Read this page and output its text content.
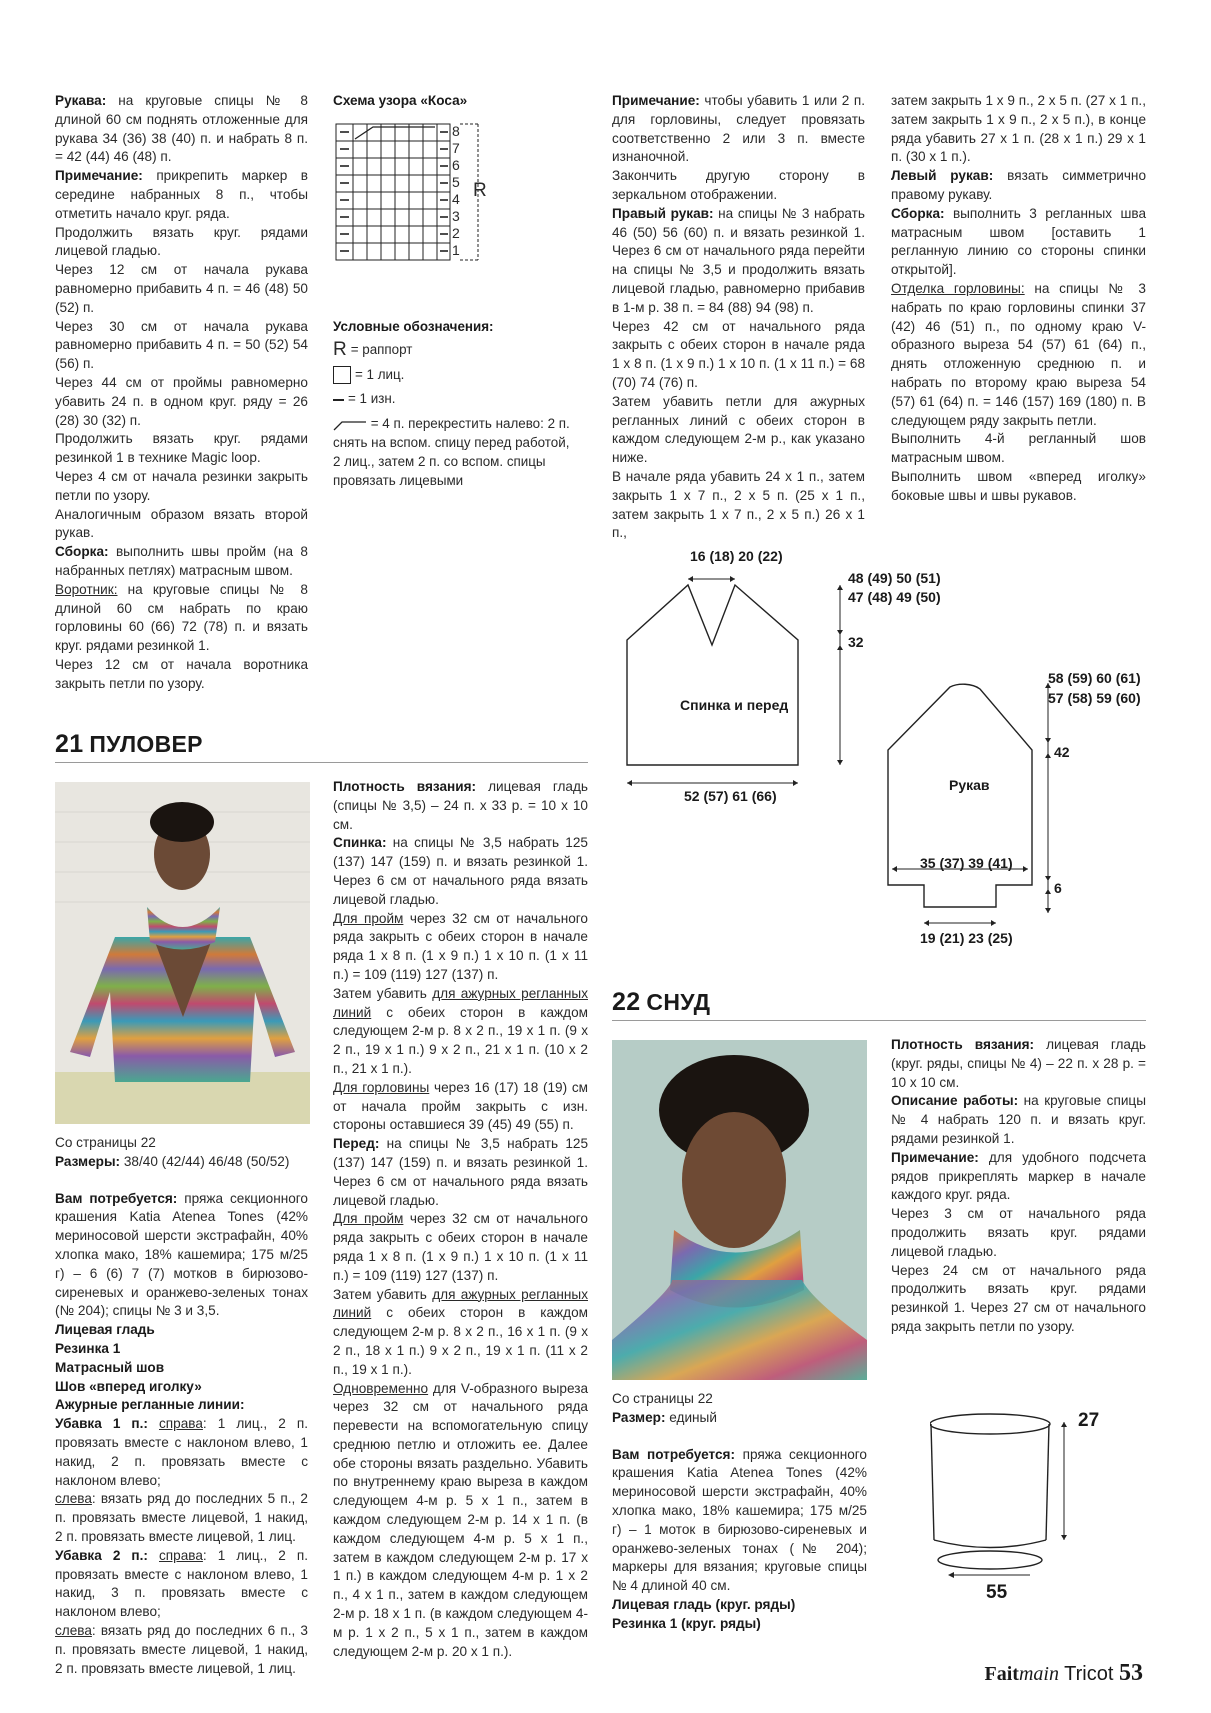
Рукава: на круговые спицы № 8 длиной 60 см поднять отложенные для рукава 34 (36) 38 (40) п. и набрать 8 п. = 42 (44) 46 (48) п.

Примечание: прикрепить маркер в середине набранных 8 п., чтобы отметить начало круг. ряда.

Продолжить вязать круг. рядами лицевой гладью.

Через 12 см от начала рукава равномерно прибавить 4 п. = 46 (48) 50 (52) п.

Через 30 см от начала рукава равномерно прибавить 4 п. = 50 (52) 54 (56) п.

Через 44 см от проймы равномерно убавить 24 п. в одном круг. ряду = 26 (28) 30 (32) п.

Продолжить вязать круг. рядами резинкой 1 в технике Magic loop.

Через 4 см от начала резинки закрыть петли по узору.

Аналогичным образом вязать второй рукав.

Сборка: выполнить швы пройм (на 8 набранных петлях) матрасным швом.

Воротник: на круговые спицы № 8 длиной 60 см набрать по краю горловины 60 (66) 72 (78) п. и вязать круг. рядами резинкой 1.

Через 12 см от начала воротника закрыть петли по узору.

Схема узора «Коса»

8
7
6
5
4
3
2
1
R

Условные обозначения:

R = раппорт
= 1 лиц.
= 1 изн.

= 4 п. перекрестить налево: 2 п. снять на вспом. спицу перед работой, 2 лиц., затем 2 п. со вспом. спицы провязать лицевыми

Примечание: чтобы убавить 1 или 2 п. для горловины, следует провязать соответственно 2 или 3 п. вместе изнаночной.

Закончить другую сторону в зеркальном отображении.

Правый рукав: на спицы № 3 набрать 46 (50) 56 (60) п. и вязать резинкой 1. Через 6 см от начального ряда перейти на спицы № 3,5 и продолжить вязать лицевой гладью, равномерно прибавив в 1-м р. 38 п. = 84 (88) 94 (98) п.

Через 42 см от начального ряда закрыть с обеих сторон в начале ряда 1 х 8 п. (1 х 9 п.) 1 х 10 п. (1 х 11 п.) = 68 (70) 74 (76) п.

Затем убавить петли для ажурных регланных линий с обеих сторон в каждом следующем 2-м р., как указано ниже.

В начале ряда убавить 24 х 1 п., затем закрыть 1 х 7 п., 2 х 5 п. (25 х 1 п., затем закрыть 1 х 7 п., 2 х 5 п.) 26 х 1 п.,

затем закрыть 1 х 9 п., 2 х 5 п. (27 х 1 п., затем закрыть 1 х 9 п., 2 х 5 п.), в конце ряда убавить 27 х 1 п. (28 х 1 п.) 29 х 1 п. (30 х 1 п.).

Левый рукав: вязать симметрично правому рукаву.

Сборка: выполнить 3 регланных шва матрасным швом [оставить 1 регланную линию со стороны спинки открытой].

Отделка горловины: на спицы № 3 набрать по краю горловины спинки 37 (42) 46 (51) п., по одному краю V-образного выреза 54 (57) 61 (64) п., днять отложенную среднюю п. и набрать по второму краю выреза 54 (57) 61 (64) п. = 146 (157) 169 (180) п. В следующем ряду закрыть петли.

Выполнить 4-й регланный шов матрасным швом.

Выполнить швом «вперед иголку» боковые швы и швы рукавов.

16 (18) 20 (22)
48 (49) 50 (51)
47 (48) 49 (50)
32
Спинка и перед
52 (57) 61 (66)
58 (59) 60 (61)
57 (58) 59 (60)
42
Рукав
35 (37) 39 (41)
6
19 (21) 23 (25)
21 ПУЛОВЕР

Со страницы 22

Размеры: 38/40 (42/44) 46/48 (50/52)

Вам потребуется: пряжа секционного крашения Katia Atenea Tones (42% мериносовой шерсти экстрафайн, 40% хлопка мако, 18% кашемира; 175 м/25 г) – 6 (6) 7 (7) мотков в бирюзово-сиреневых и оранжево-зеленых тонах (№ 204); спицы № 3 и 3,5.

Лицевая гладь

Резинка 1

Матрасный шов

Шов «вперед иголку»

Ажурные регланные линии:

Убавка 1 п.: справа: 1 лиц., 2 п. провязать вместе с наклоном влево, 1 накид, 2 п. провязать вместе с наклоном влево;

слева: вязать ряд до последних 5 п., 2 п. провязать вместе лицевой, 1 накид, 2 п. провязать вместе лицевой, 1 лиц.

Убавка 2 п.: справа: 1 лиц., 2 п. провязать вместе с наклоном влево, 1 накид, 3 п. провязать вместе с наклоном влево;

слева: вязать ряд до последних 6 п., 3 п. провязать вместе лицевой, 1 накид, 2 п. провязать вместе лицевой, 1 лиц.

Плотность вязания: лицевая гладь (спицы № 3,5) – 24 п. х 33 р. = 10 х 10 см.

Спинка: на спицы № 3,5 набрать 125 (137) 147 (159) п. и вязать резинкой 1. Через 6 см от начального ряда вязать лицевой гладью.

Для пройм через 32 см от начального ряда закрыть с обеих сторон в начале ряда 1 х 8 п. (1 х 9 п.) 1 х 10 п. (1 х 11 п.) = 109 (119) 127 (137) п.

Затем убавить для ажурных регланных линий с обеих сторон в каждом следующем 2-м р. 8 х 2 п., 19 х 1 п. (9 х 2 п., 19 х 1 п.) 9 х 2 п., 21 х 1 п. (10 х 2 п., 21 х 1 п.).

Для горловины через 16 (17) 18 (19) см от начала пройм закрыть с изн. стороны оставшиеся 39 (45) 49 (55) п.

Перед: на спицы № 3,5 набрать 125 (137) 147 (159) п. и вязать резинкой 1. Через 6 см от начального ряда вязать лицевой гладью.

Для пройм через 32 см от начального ряда закрыть с обеих сторон в начале ряда 1 х 8 п. (1 х 9 п.) 1 х 10 п. (1 х 11 п.) = 109 (119) 127 (137) п.

Затем убавить для ажурных регланных линий с обеих сторон в каждом следующем 2-м р. 8 х 2 п., 16 х 1 п. (9 х 2 п., 18 х 1 п.) 9 х 2 п., 19 х 1 п. (11 х 2 п., 19 х 1 п.).

Одновременно для V-образного выреза через 32 см от начального ряда перевести на вспомогательную спицу среднюю петлю и отложить ее. Далее обе стороны вязать раздельно. Убавить по внутреннему краю выреза в каждом следующем 4-м р. 5 х 1 п., затем в каждом следующем 2-м р. 14 х 1 п. (в каждом следующем 4-м р. 5 х 1 п., затем в каждом следующем 2-м р. 17 х 1 п.) в каждом следующем 4-м р. 1 х 2 п., 4 х 1 п., затем в каждом следующем 2-м р. 18 х 1 п. (в каждом следующем 4-м р. 1 х 2 п., 5 х 1 п., затем в каждом следующем 2-м р. 20 х 1 п.).

22 СНУД

Со страницы 22

Размер: единый

Вам потребуется: пряжа секционного крашения Katia Atenea Tones (42% мериносовой шерсти экстрафайн, 40% хлопка мако, 18% кашемира; 175 м/25 г) – 1 моток в бирюзово-сиреневых и оранжево-зеленых тонах (№ 204); маркеры для вязания; круговые спицы № 4 длиной 40 см.

Лицевая гладь (круг. ряды)

Резинка 1 (круг. ряды)

Плотность вязания: лицевая гладь (круг. ряды, спицы № 4) – 22 п. х 28 р. = 10 х 10 см.

Описание работы: на круговые спицы № 4 набрать 120 п. и вязать круг. рядами резинкой 1.

Примечание: для удобного подсчета рядов прикреплять маркер в начале каждого круг. ряда.

Через 3 см от начального ряда продолжить вязать круг. рядами лицевой гладью.

Через 24 см от начального ряда продолжить вязать круг. рядами резинкой 1. Через 27 см от начального ряда закрыть петли по узору.

27
55
Faitmain Tricot 53
